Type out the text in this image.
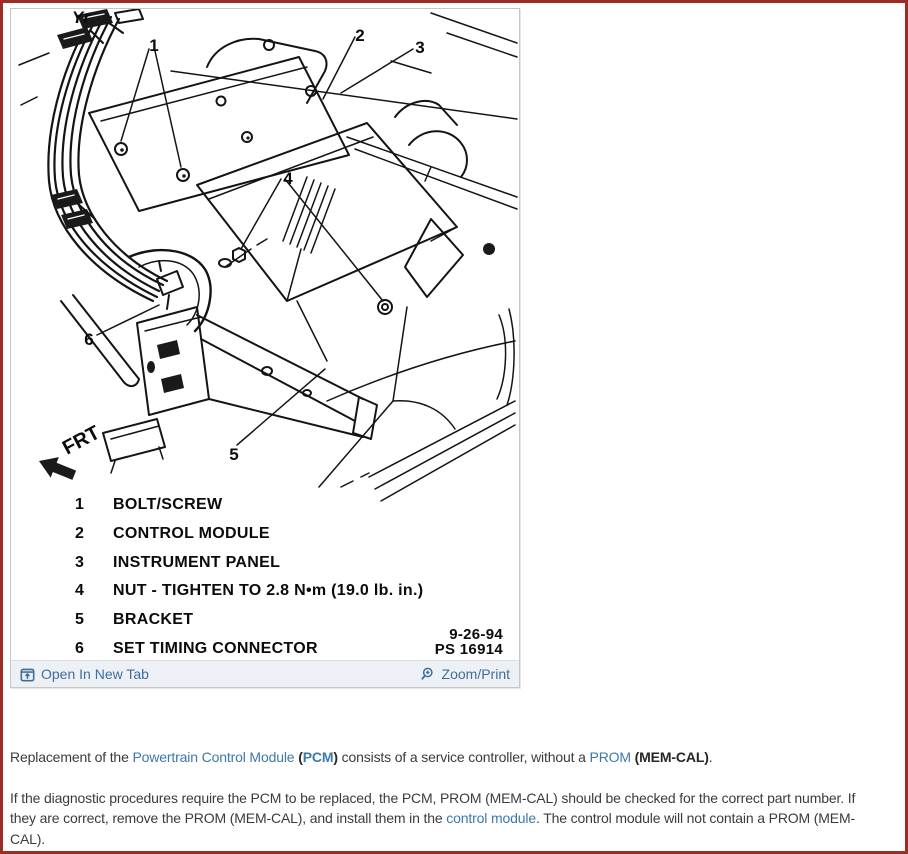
1
2
3
4
5
6
Yr
FRT
1	BOLT/SCREW
2	CONTROL MODULE
3	INSTRUMENT PANEL
4	NUT - TIGHTEN TO 2.8 N•m (19.0 lb. in.)
5	BRACKET
6	SET TIMING CONNECTOR
9-26-94
PS 16914
Open In New Tab	Zoom/Print

Replacement of the Powertrain Control Module (PCM) consists of a service controller, without a PROM (MEM-CAL).

If the diagnostic procedures require the PCM to be replaced, the PCM, PROM (MEM-CAL) should be checked for the correct part number. If they are correct, remove the PROM (MEM-CAL), and install them in the control module. The control module will not contain a PROM (MEM-CAL).
